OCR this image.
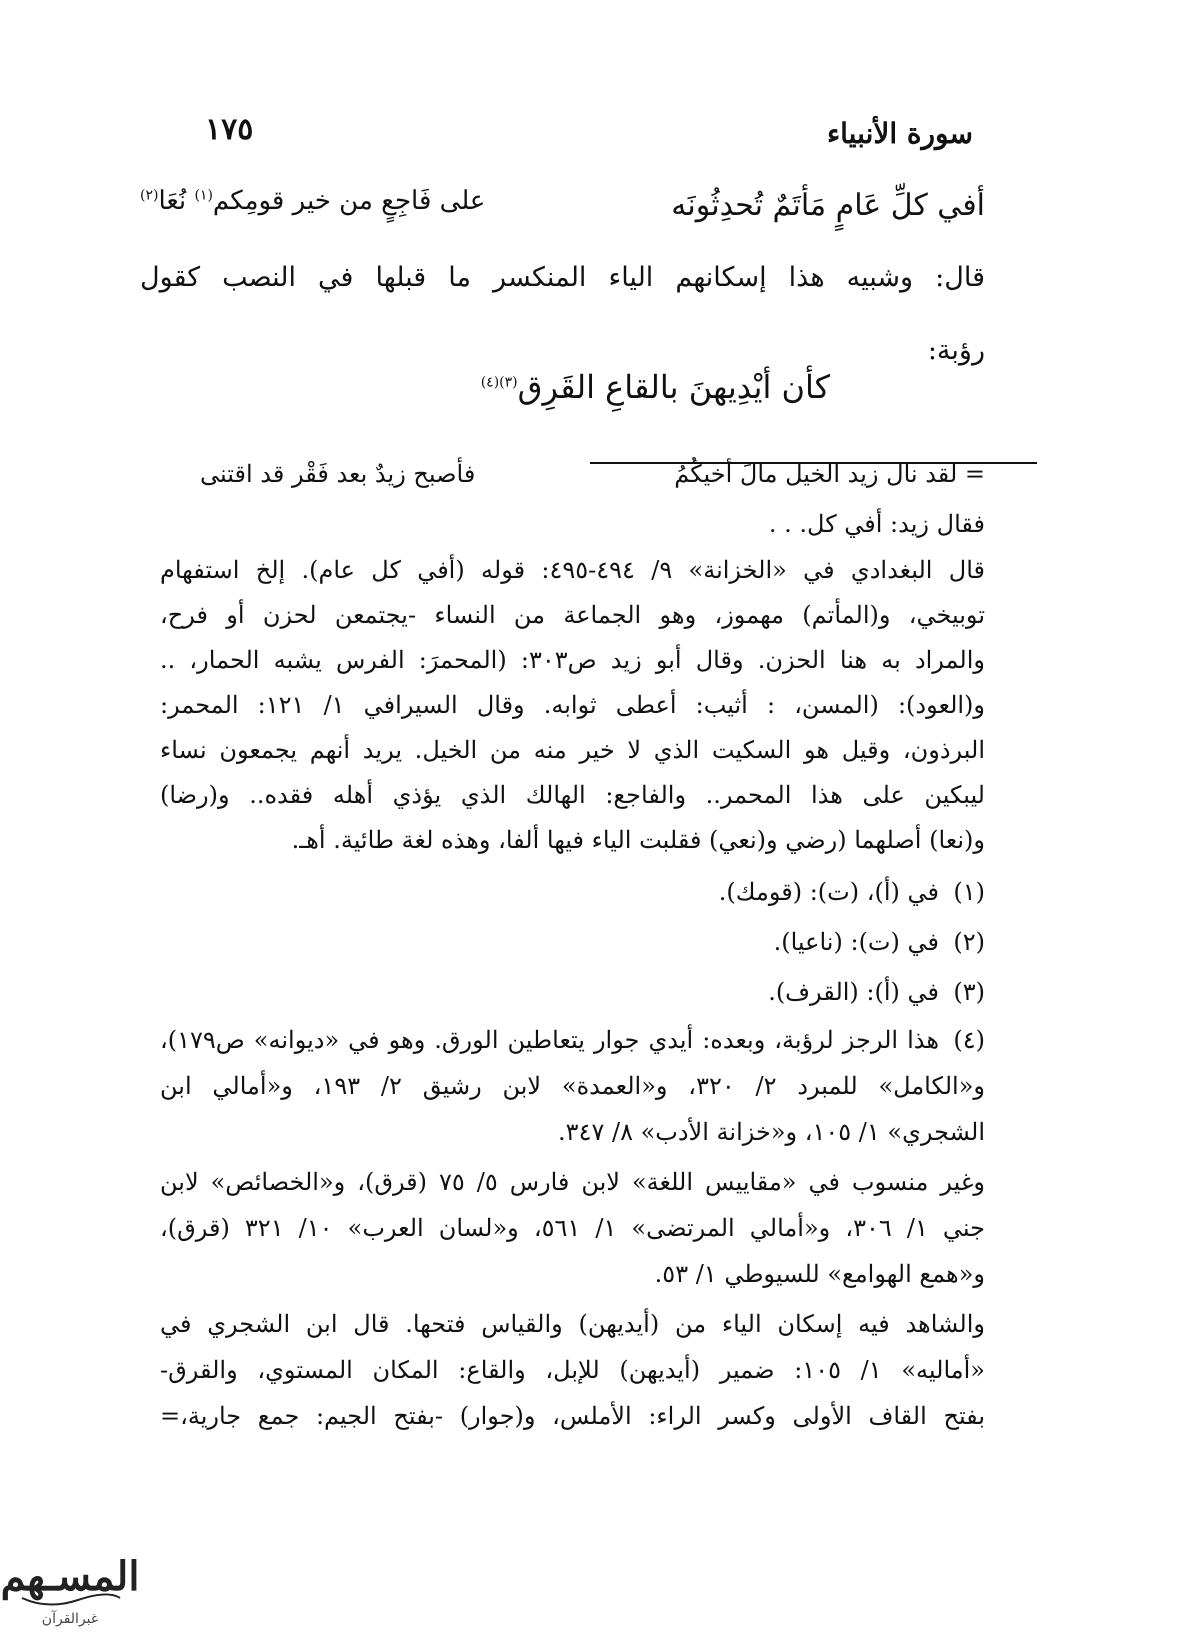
سورة الأنبياء
١٧٥
أفي كلِّ عَامٍ مَأتَمٌ تُحدِثُونَه
على فَاجِعٍ من خير قومِكم$^{(١)}$ نُعَا$^{(٢)}$
قال: وشبيه هذا إسكانهم الياء المنكسر ما قبلها في النصب كقول
رؤبة:
كأن أيْدِيهنَ بالقاعِ القَرِق$^{(٣)(٤)}$
= لقد نال زيد الخيل مالَ أخيكُمُ
فأصبح زيدٌ بعد فَقْر قد اقتنى
فقال زيد: أفي كل. . .
قال البغدادي في «الخزانة» ٩/ ٤٩٤-٤٩٥: قوله (أفي كل عام). إلخ استفهام
توبيخي، و(المأتم) مهموز، وهو الجماعة من النساء -يجتمعن لحزن أو فرح،
والمراد به هنا الحزن. وقال أبو زيد ص٣٠٣: (المحمرَ: الفرس يشبه الحمار، ..
و(العود): (المسن، : أثيب: أعطى ثوابه. وقال السيرافي ١/ ١٢١: المحمر:
البرذون، وقيل هو السكيت الذي لا خير منه من الخيل. يريد أنهم يجمعون نساء
ليبكين على هذا المحمر.. والفاجع: الهالك الذي يؤذي أهله فقده.. و(رضا)
و(نعا) أصلهما (رضي و(نعي) فقلبت الياء فيها ألفا، وهذه لغة طائية. أهـ.
(١)في (أ)، (ت): (قومك).
(٢)في (ت): (ناعيا).
(٣)في (أ): (القرف).
(٤)هذا الرجز لرؤبة، وبعده: أيدي جوار يتعاطين الورق. وهو في «ديوانه» ص١٧٩)،
و«الكامل» للمبرد ٢/ ٣٢٠، و«العمدة» لابن رشيق ٢/ ١٩٣، و«أمالي ابن
الشجري» ١/ ١٠٥، و«خزانة الأدب» ٨/ ٣٤٧.
وغير منسوب في «مقاييس اللغة» لابن فارس ٥/ ٧٥ (قرق)، و«الخصائص» لابن
جني ١/ ٣٠٦، و«أمالي المرتضى» ١/ ٥٦١، و«لسان العرب» ١٠/ ٣٢١ (قرق)،
و«همع الهوامع» للسيوطي ١/ ٥٣.
والشاهد فيه إسكان الياء من (أيديهن) والقياس فتحها. قال ابن الشجري في
«أماليه» ١/ ١٠٥: ضمير (أيديهن) للإبل، والقاع: المكان المستوي، والقرق-
بفتح القاف الأولى وكسر الراء: الأملس، و(جوار) -بفتح الجيم: جمع جارية،=
المسـهم
غبرالقرآن
